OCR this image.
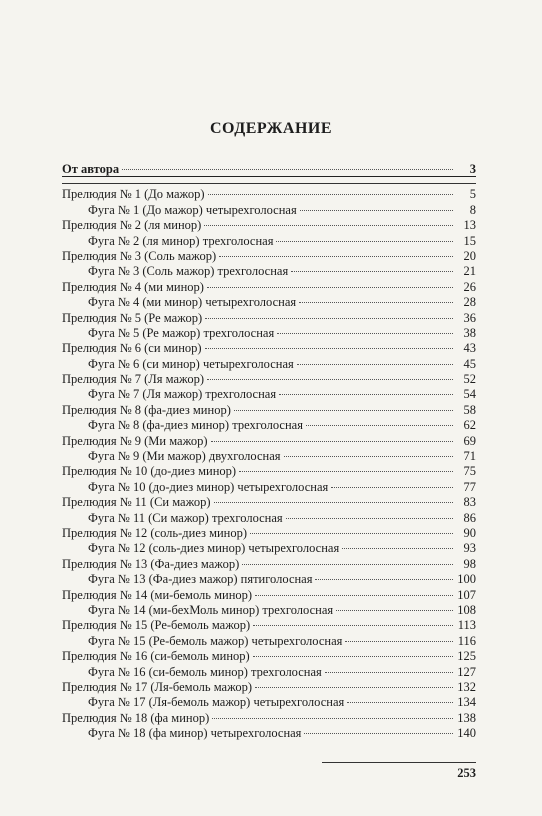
СОДЕРЖАНИЕ
От автора	3
Прелюдия № 1 (До мажор)	5
Фуга № 1 (До мажор) четырехголосная	8
Прелюдия № 2 (ля минор)	13
Фуга № 2 (ля минор) трехголосная	15
Прелюдия № 3 (Соль мажор)	20
Фуга № 3 (Соль мажор) трехголосная	21
Прелюдия № 4 (ми минор)	26
Фуга № 4 (ми минор) четырехголосная	28
Прелюдия № 5 (Ре мажор)	36
Фуга № 5 (Ре мажор) трехголосная	38
Прелюдия № 6 (си минор)	43
Фуга № 6 (си минор) четырехголосная	45
Прелюдия № 7 (Ля мажор)	52
Фуга № 7 (Ля мажор) трехголосная	54
Прелюдия № 8 (фа-диез минор)	58
Фуга № 8 (фа-диез минор) трехголосная	62
Прелюдия № 9 (Ми мажор)	69
Фуга № 9 (Ми мажор) двухголосная	71
Прелюдия № 10 (до-диез минор)	75
Фуга № 10 (до-диез минор) четырехголосная	77
Прелюдия № 11 (Си мажор)	83
Фуга № 11 (Си мажор) трехголосная	86
Прелюдия № 12 (соль-диез минор)	90
Фуга № 12 (соль-диез минор) четырехголосная	93
Прелюдия № 13 (Фа-диез мажор)	98
Фуга № 13 (Фа-диез мажор) пятиголосная	100
Прелюдия № 14 (ми-бемоль минор)	107
Фуга № 14 (ми-бехМоль минор) трехголосная	108
Прелюдия № 15 (Ре-бемоль мажор)	113
Фуга № 15 (Ре-бемоль мажор) четырехголосная	116
Прелюдия № 16 (си-бемоль минор)	125
Фуга № 16 (си-бемоль минор) трехголосная	127
Прелюдия № 17 (Ля-бемоль мажор)	132
Фуга № 17 (Ля-бемоль мажор) четырехголосная	134
Прелюдия № 18 (фа минор)	138
Фуга № 18 (фа минор) четырехголосная	140
253
